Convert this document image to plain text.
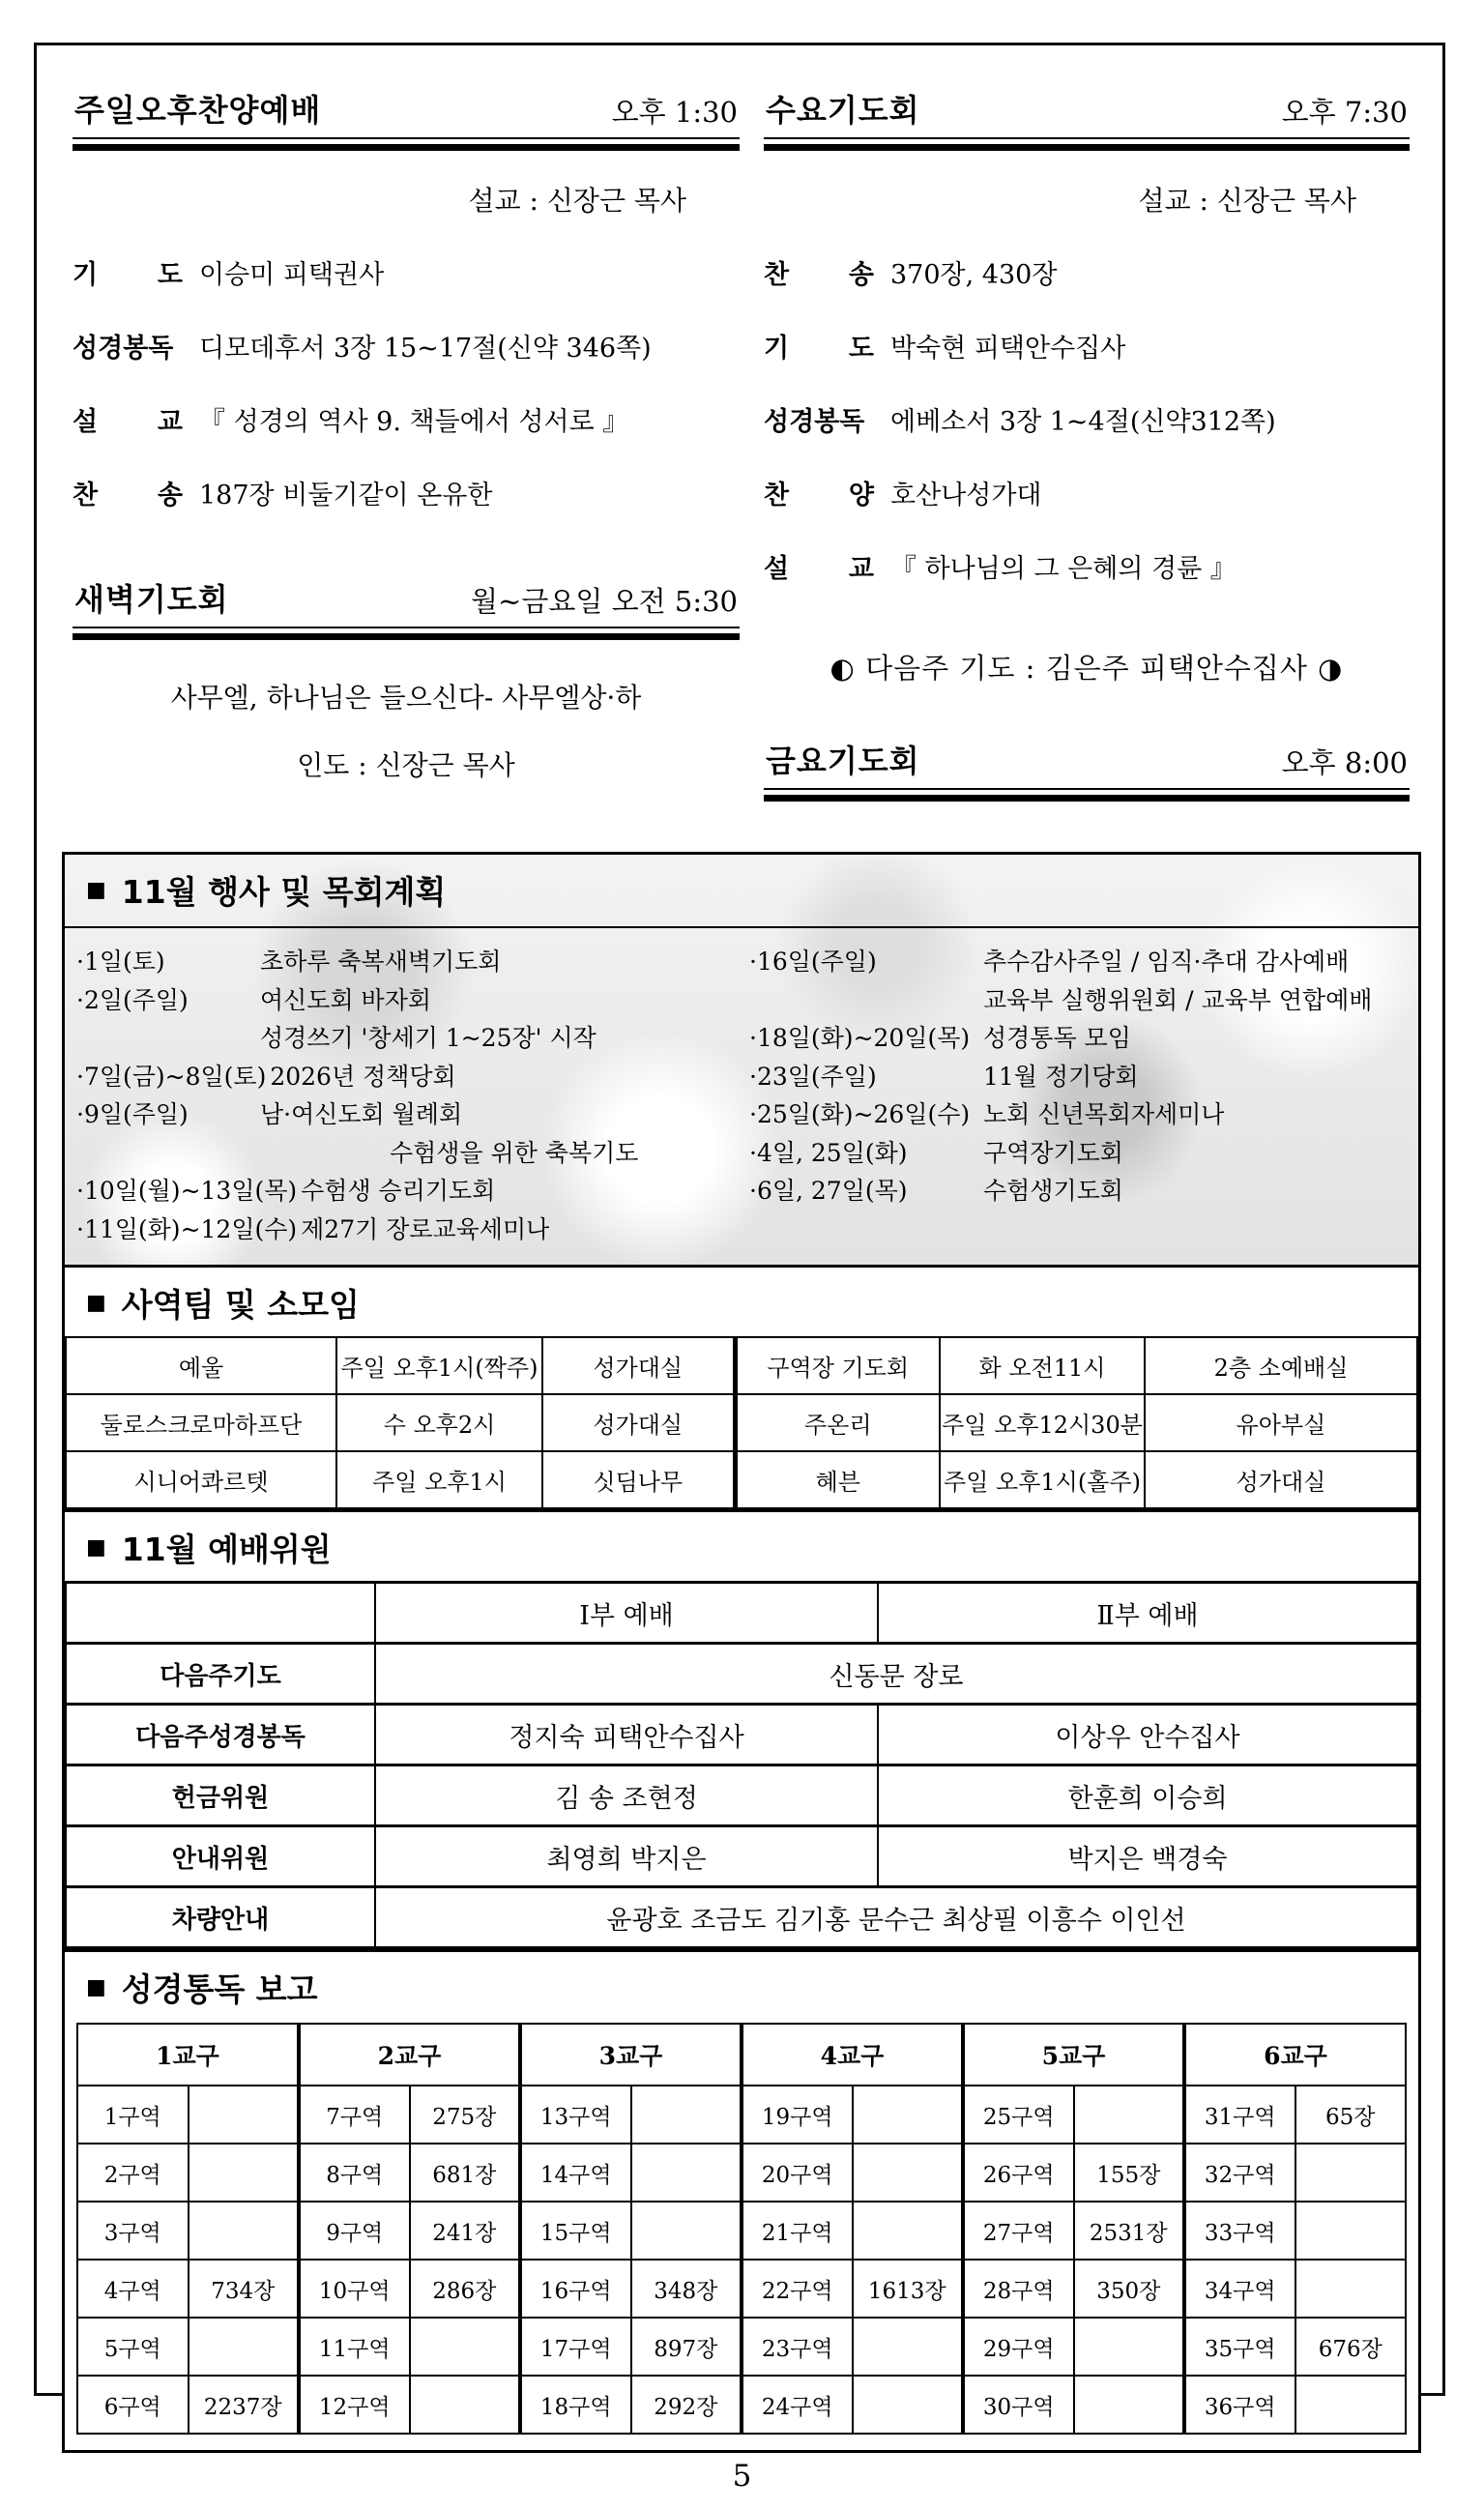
주일오후찬양예배	오후 1:30
설교 : 신장근 목사
기 도 이승미 피택권사
성경봉독 디모데후서 3장 15~17절(신약 346쪽)
설 교 『 성경의 역사 9. 책들에서 성서로 』
찬 송 187장 비둘기같이 온유한
새벽기도회	월~금요일 오전 5:30
사무엘, 하나님은 들으신다- 사무엘상·하
인도 : 신장근 목사
수요기도회	오후 7:30
설교 : 신장근 목사
찬 송 370장, 430장
기 도 박숙현 피택안수집사
성경봉독 에베소서 3장 1~4절(신약312쪽)
찬 양 호산나성가대
설 교 『 하나님의 그 은혜의 경륜 』
◐ 다음주 기도 : 김은주 피택안수집사 ◑
금요기도회	오후 8:00
■ 11월 행사 및 목회계획
·1일(토)	초하루 축복새벽기도회
·2일(주일)	여신도회 바자회
성경쓰기 '창세기 1~25장' 시작
·7일(금)~8일(토) 2026년 정책당회
·9일(주일)	남·여신도회 월례회
수험생을 위한 축복기도
·10일(월)~13일(목) 수험생 승리기도회
·11일(화)~12일(수) 제27기 장로교육세미나
·16일(주일)	추수감사주일 / 임직·추대 감사예배
교육부 실행위원회 / 교육부 연합예배
·18일(화)~20일(목) 성경통독 모임
·23일(주일)	11월 정기당회
·25일(화)~26일(수) 노회 신년목회자세미나
·4일, 25일(화)	구역장기도회
·6일, 27일(목)	수험생기도회
■ 사역팀 및 소모임
예울	주일 오후1시(짝주)	성가대실	구역장 기도회	화 오전11시	2층 소예배실
둘로스크로마하프단	수 오후2시	성가대실	주온리	주일 오후12시30분	유아부실
시니어콰르텟	주일 오후1시	싯딤나무	혜븐	주일 오후1시(홀주)	성가대실
■ 11월 예배위원
	Ⅰ부 예배	Ⅱ부 예배
다음주기도	신동문 장로	
다음주성경봉독	정지숙 피택안수집사	이상우 안수집사
헌금위원	김 송 조현정	한훈희 이승희
안내위원	최영희 박지은	박지은 백경숙
차량안내	윤광호 조금도 김기홍 문수근 최상필 이흥수 이인선	
■ 성경통독 보고
1교구		2교구		3교구		4교구		5교구		6교구	
1구역		7구역	275장	13구역		19구역		25구역		31구역	65장
2구역		8구역	681장	14구역		20구역		26구역	155장	32구역	
3구역		9구역	241장	15구역		21구역		27구역	2531장	33구역	
4구역	734장	10구역	286장	16구역	348장	22구역	1613장	28구역	350장	34구역	
5구역		11구역		17구역	897장	23구역		29구역		35구역	676장
6구역	2237장	12구역		18구역	292장	24구역		30구역		36구역	
5
